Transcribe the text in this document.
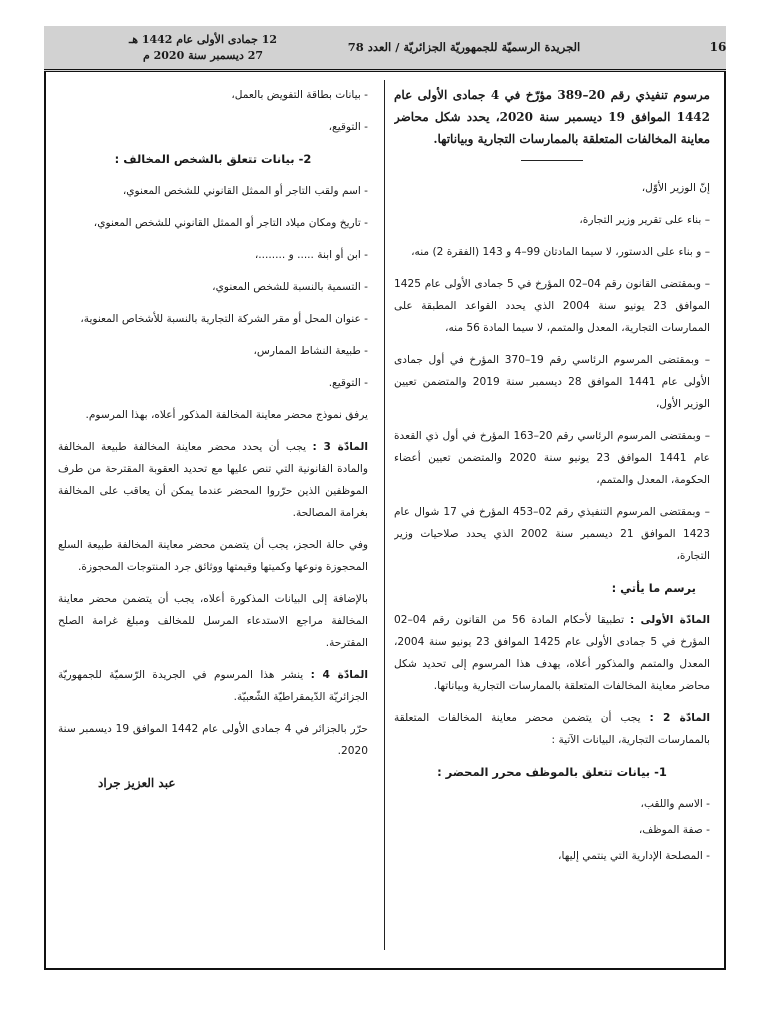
16
الجريدة الرسميّة للجمهوريّة الجزائريّة / العدد 78
12 جمادى الأولى عام 1442 هـ
27 ديسمبر سنة 2020 م

مرسوم تنفيذي رقم 20–389 مؤرّخ في 4 جمادى الأولى عام 1442 الموافق 19 ديسمبر سنة 2020، يحدد شكل محاضر معاينة المخالفات المتعلقة بالممارسات التجارية وبياناتها.

إنّ الوزير الأوّل،

– بناء على تقرير وزير التجارة،

– و بناء على الدستور، لا سيما المادتان 99–4 و 143 (الفقرة 2) منه،

– وبمقتضى القانون رقم 04–02 المؤرخ في 5 جمادى الأولى عام 1425 الموافق 23 يونيو سنة 2004 الذي يحدد القواعد المطبقة على الممارسات التجارية، المعدل والمتمم، لا سيما المادة 56 منه،

– وبمقتضى المرسوم الرئاسي رقم 19–370 المؤرخ في أول جمادى الأولى عام 1441 الموافق 28 ديسمبر سنة 2019 والمتضمن تعيين الوزير الأول،

– وبمقتضى المرسوم الرئاسي رقم 20–163 المؤرخ في أول ذي القعدة عام 1441 الموافق 23 يونيو سنة 2020 والمتضمن تعيين أعضاء الحكومة، المعدل والمتمم،

– وبمقتضى المرسوم التنفيذي رقم 02–453 المؤرخ في 17 شوال عام 1423 الموافق 21 ديسمبر سنة 2002 الذي يحدد صلاحيات وزير التجارة،

يرسم ما يأتي :

المادّة الأولى : تطبيقا لأحكام المادة 56 من القانون رقم 04–02 المؤرخ في 5 جمادى الأولى عام 1425 الموافق 23 يونيو سنة 2004، المعدل والمتمم والمذكور أعلاه، يهدف هذا المرسوم إلى تحديد شكل محاضر معاينة المخالفات المتعلقة بالممارسات التجارية وبياناتها.

المادّة 2 : يجب أن يتضمن محضر معاينة المخالفات المتعلقة بالممارسات التجارية، البيانات الآتية :

1- بيانات تتعلق بالموظف محرر المحضر :

- الاسم واللقب،

- صفة الموظف،

- المصلحة الإدارية التي ينتمي إليها،

- بيانات بطاقة التفويض بالعمل،

- التوقيع،

2- بيانات تتعلق بالشخص المخالف :

- اسم ولقب التاجر أو الممثل القانوني للشخص المعنوي،

- تاريخ ومكان ميلاد التاجر أو الممثل القانوني للشخص المعنوي،

- ابن أو ابنة ..... و ........،

- التسمية بالنسبة للشخص المعنوي،

- عنوان المحل أو مقر الشركة التجارية بالنسبة للأشخاص المعنوية،

- طبيعة النشاط الممارس،

- التوقيع.

يرفق نموذج محضر معاينة المخالفة المذكور أعلاه، بهذا المرسوم.

المادّة 3 : يجب أن يحدد محضر معاينة المخالفة طبيعة المخالفة والمادة القانونية التي تنص عليها مع تحديد العقوبة المقترحة من طرف الموظفين الذين حرّروا المحضر عندما يمكن أن يعاقب على المخالفة بغرامة المصالحة.

وفي حالة الحجز، يجب أن يتضمن محضر معاينة المخالفة طبيعة السلع المحجوزة ونوعها وكميتها وقيمتها ووثائق جرد المنتوجات المحجوزة.

بالإضافة إلى البيانات المذكورة أعلاه، يجب أن يتضمن محضر معاينة المخالفة مراجع الاستدعاء المرسل للمخالف ومبلغ غرامة الصلح المقترحة.

المادّة 4 : ينشر هذا المرسوم في الجريدة الرّسميّة للجمهوريّة الجزائريّة الدّيمقراطيّة الشّعبيّة.

حرّر بالجزائر في 4 جمادى الأولى عام 1442 الموافق 19 ديسمبر سنة 2020.

عبد العزيز جراد
